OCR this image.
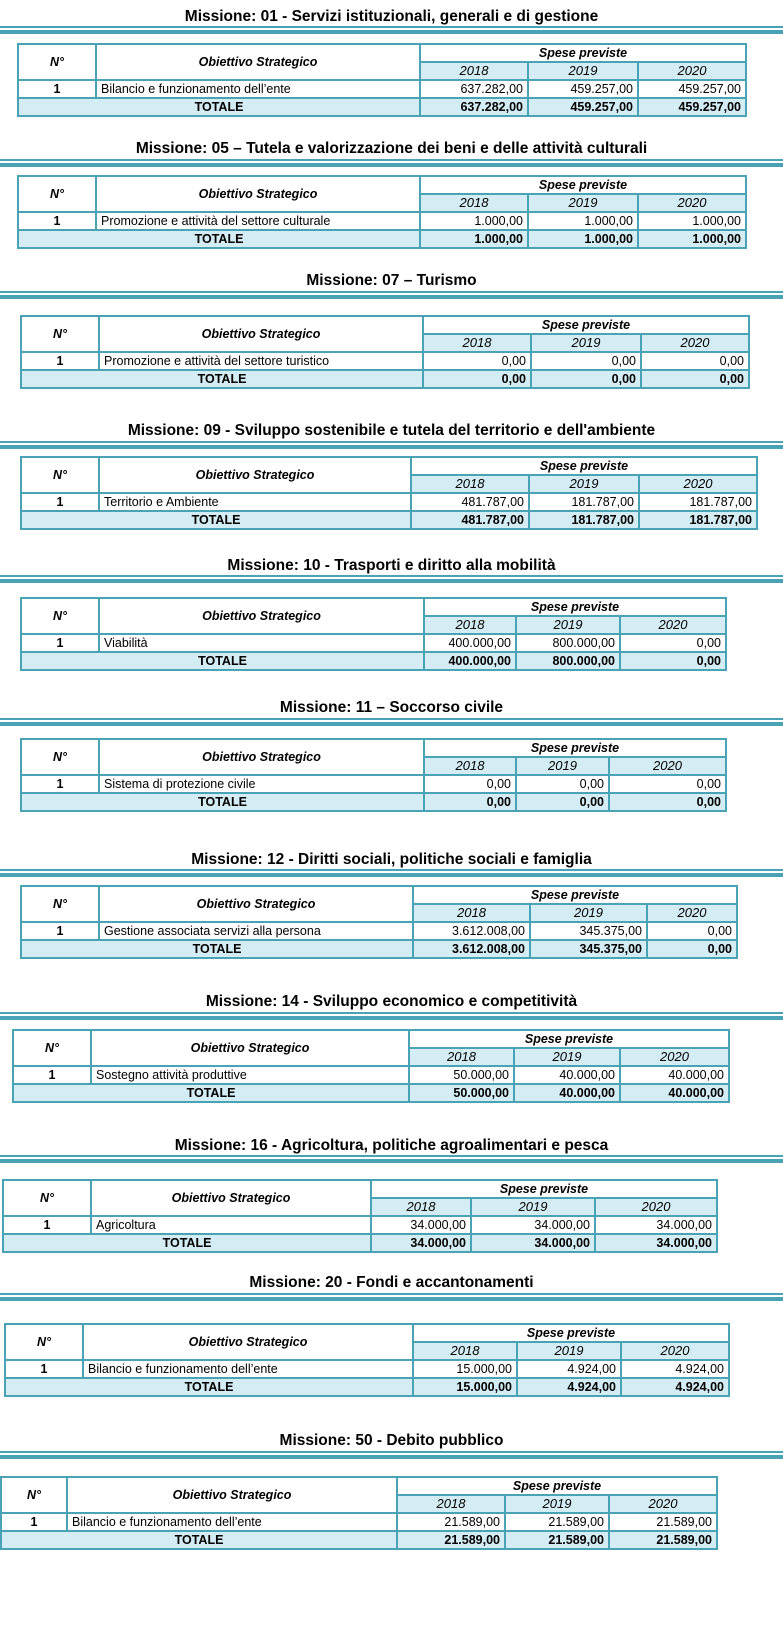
Missione: 01 - Servizi istituzionali, generali e di gestione
N°	Obiettivo Strategico	Spese previste		
		2018	2019	2020
1	Bilancio e funzionamento dell’ente	637.282,00	459.257,00	459.257,00
TOTALE		637.282,00	459.257,00	459.257,00
Missione: 05 – Tutela e valorizzazione dei beni e delle attività culturali
N°	Obiettivo Strategico	Spese previste		
		2018	2019	2020
1	Promozione e attività del settore culturale	1.000,00	1.000,00	1.000,00
TOTALE		1.000,00	1.000,00	1.000,00
Missione: 07 – Turismo
N°	Obiettivo Strategico	Spese previste		
		2018	2019	2020
1	Promozione e attività del settore turistico	0,00	0,00	0,00
TOTALE		0,00	0,00	0,00
Missione: 09 - Sviluppo sostenibile e tutela del territorio e dell'ambiente
N°	Obiettivo Strategico	Spese previste		
		2018	2019	2020
1	Territorio e Ambiente	481.787,00	181.787,00	181.787,00
TOTALE		481.787,00	181.787,00	181.787,00
Missione: 10 - Trasporti e diritto alla mobilità
N°	Obiettivo Strategico	Spese previste		
		2018	2019	2020
1	Viabilità	400.000,00	800.000,00	0,00
TOTALE		400.000,00	800.000,00	0,00
Missione: 11 – Soccorso civile
N°	Obiettivo Strategico	Spese previste		
		2018	2019	2020
1	Sistema di protezione civile	0,00	0,00	0,00
TOTALE		0,00	0,00	0,00
Missione: 12 - Diritti sociali, politiche sociali e famiglia
N°	Obiettivo Strategico	Spese previste		
		2018	2019	2020
1	Gestione associata servizi alla persona	3.612.008,00	345.375,00	0,00
TOTALE		3.612.008,00	345.375,00	0,00
Missione: 14 - Sviluppo economico e competitività
N°	Obiettivo Strategico	Spese previste		
		2018	2019	2020
1	Sostegno attività produttive	50.000,00	40.000,00	40.000,00
TOTALE		50.000,00	40.000,00	40.000,00
Missione: 16 - Agricoltura, politiche agroalimentari e pesca
N°	Obiettivo Strategico	Spese previste		
		2018	2019	2020
1	Agricoltura	34.000,00	34.000,00	34.000,00
TOTALE		34.000,00	34.000,00	34.000,00
Missione: 20 - Fondi e accantonamenti
N°	Obiettivo Strategico	Spese previste		
		2018	2019	2020
1	Bilancio e funzionamento dell’ente	15.000,00	4.924,00	4.924,00
TOTALE		15.000,00	4.924,00	4.924,00
Missione: 50 - Debito pubblico
N°	Obiettivo Strategico	Spese previste		
		2018	2019	2020
1	Bilancio e funzionamento dell’ente	21.589,00	21.589,00	21.589,00
TOTALE		21.589,00	21.589,00	21.589,00
